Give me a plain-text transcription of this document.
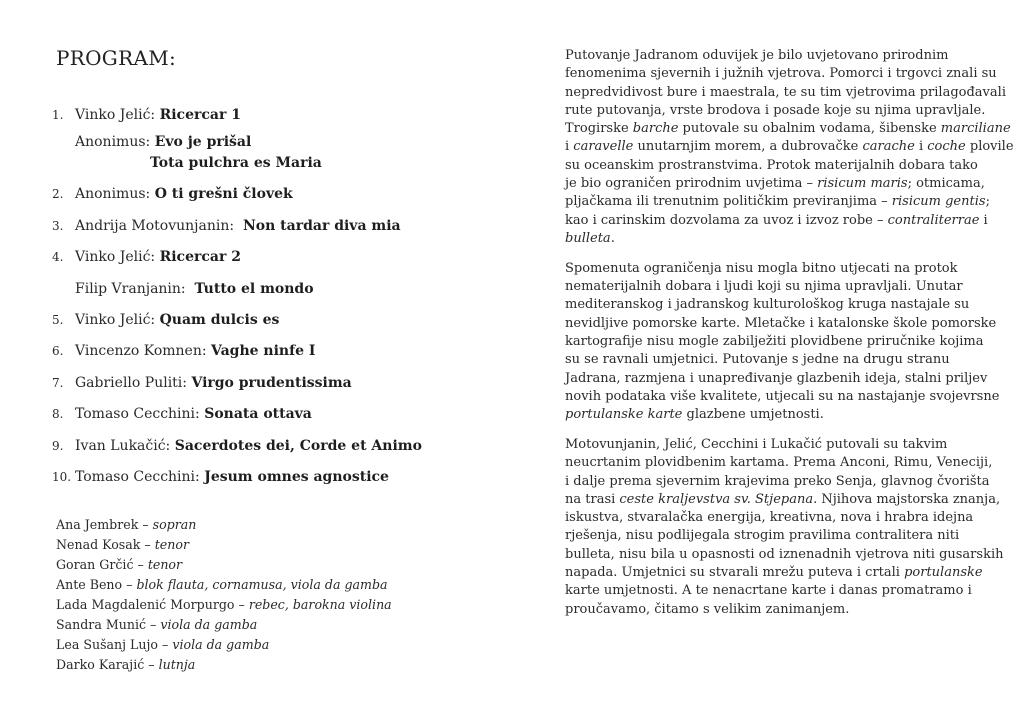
PROGRAM:
1. Vinko Jelić: Ricercar 1
Anonimus: Evo je prišal
Tota pulchra es Maria
2. Anonimus: O ti grešni človek
3. Andrija Motovunjanin: Non tardar diva mia
4. Vinko Jelić: Ricercar 2
Filip Vranjanin: Tutto el mondo
5. Vinko Jelić: Quam dulcis es
6. Vincenzo Komnen: Vaghe ninfe I
7. Gabriello Puliti: Virgo prudentissima
8. Tomaso Cecchini: Sonata ottava
9. Ivan Lukačić: Sacerdotes dei, Corde et Animo
10. Tomaso Cecchini: Jesum omnes agnostice
Ana Jembrek – sopran
Nenad Kosak – tenor
Goran Grčić – tenor
Ante Beno – blok flauta, cornamusa, viola da gamba
Lada Magdalenić Morpurgo – rebec, barokna violina
Sandra Munić – viola da gamba
Lea Sušanj Lujo – viola da gamba
Darko Karajić – lutnja
Putovanje Jadranom oduvijek je bilo uvjetovano prirodnim
fenomenima sjevernih i južnih vjetrova. Pomorci i trgovci znali su
nepredvidivost bure i maestrala, te su tim vjetrovima prilagođavali
rute putovanja, vrste brodova i posade koje su njima upravljale.
Trogirske barche putovale su obalnim vodama, šibenske marciliane
i caravelle unutarnjim morem, a dubrovačke carache i coche plovile
su oceanskim prostranstvima. Protok materijalnih dobara tako
je bio ograničen prirodnim uvjetima – risicum maris; otmicama,
pljačkama ili trenutnim političkim previranjima – risicum gentis;
kao i carinskim dozvolama za uvoz i izvoz robe – contraliterrae i
bulleta.
Spomenuta ograničenja nisu mogla bitno utjecati na protok
nematerijalnih dobara i ljudi koji su njima upravljali. Unutar
mediteranskog i jadranskog kulturološkog kruga nastajale su
nevidljive pomorske karte. Mletačke i katalonske škole pomorske
kartografije nisu mogle zabilježiti plovidbene priručnike kojima
su se ravnali umjetnici. Putovanje s jedne na drugu stranu
Jadrana, razmjena i unapređivanje glazbenih ideja, stalni priljev
novih podataka više kvalitete, utjecali su na nastajanje svojevrsne
portulanske karte glazbene umjetnosti.
Motovunjanin, Jelić, Cecchini i Lukačić putovali su takvim
neucrtanim plovidbenim kartama. Prema Anconi, Rimu, Veneciji,
i dalje prema sjevernim krajevima preko Senja, glavnog čvorišta
na trasi ceste kraljevstva sv. Stjepana. Njihova majstorska znanja,
iskustva, stvaralačka energija, kreativna, nova i hrabra idejna
rješenja, nisu podlijegala strogim pravilima contralitera niti
bulleta, nisu bila u opasnosti od iznenadnih vjetrova niti gusarskih
napada. Umjetnici su stvarali mrežu puteva i crtali portulanske
karte umjetnosti. A te nenacrtane karte i danas promatramo i
proučavamo, čitamo s velikim zanimanjem.
